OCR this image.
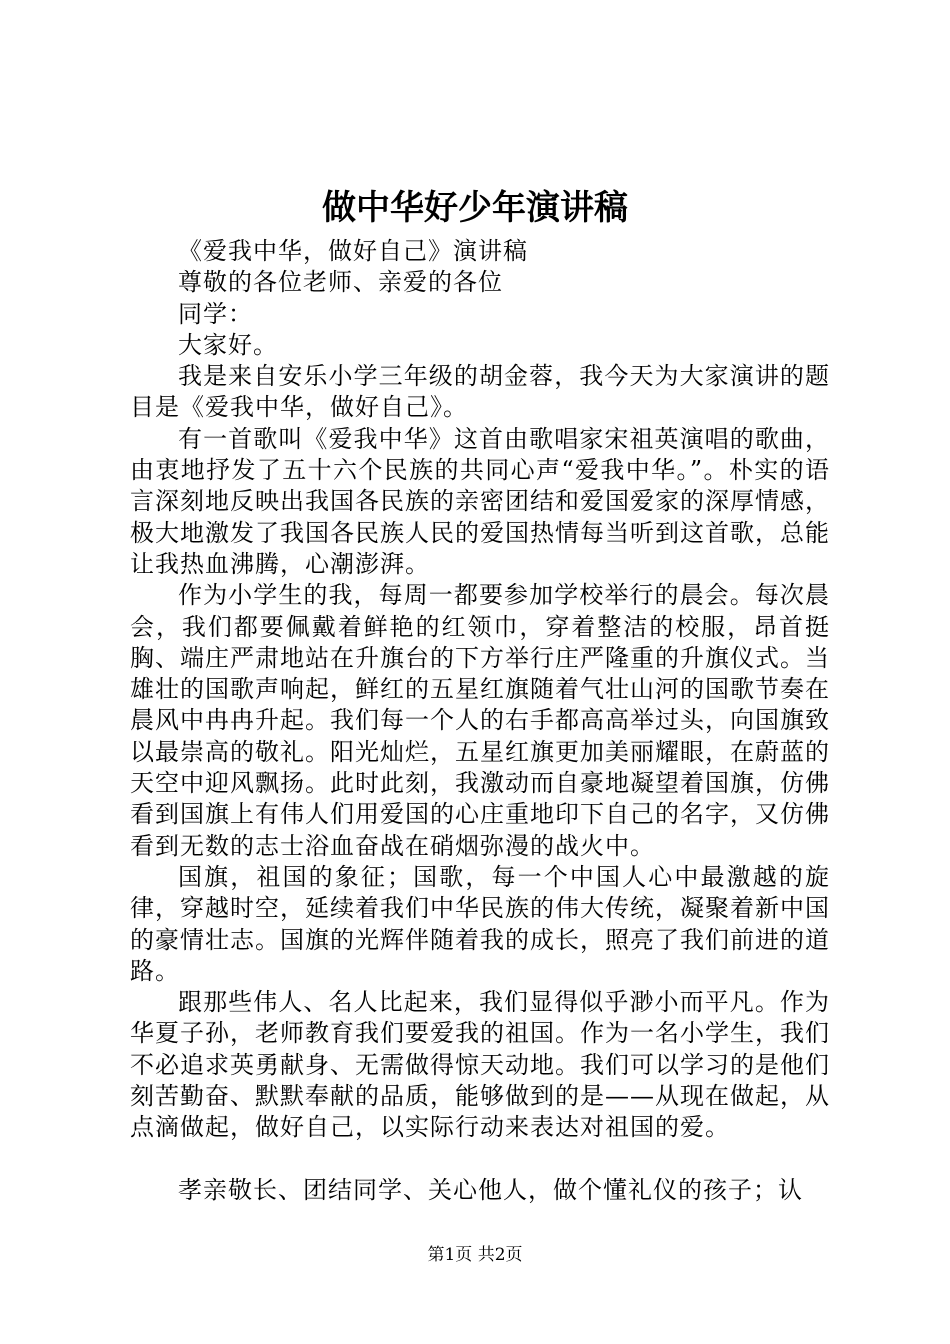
做中华好少年演讲稿

《爱我中华，做好自己》演讲稿

尊敬的各位老师、亲爱的各位

同学：

大家好。

我是来自安乐小学三年级的胡金蓉，我今天为大家演讲的题目是《爱我中华，做好自己》。

有一首歌叫《爱我中华》这首由歌唱家宋祖英演唱的歌曲，由衷地抒发了五十六个民族的共同心声“爱我中华。”。朴实的语言深刻地反映出我国各民族的亲密团结和爱国爱家的深厚情感，极大地激发了我国各民族人民的爱国热情每当听到这首歌，总能让我热血沸腾，心潮澎湃。

作为小学生的我，每周一都要参加学校举行的晨会。每次晨会，我们都要佩戴着鲜艳的红领巾，穿着整洁的校服，昂首挺胸、端庄严肃地站在升旗台的下方举行庄严隆重的升旗仪式。当雄壮的国歌声响起，鲜红的五星红旗随着气壮山河的国歌节奏在晨风中冉冉升起。我们每一个人的右手都高高举过头，向国旗致以最崇高的敬礼。阳光灿烂，五星红旗更加美丽耀眼，在蔚蓝的天空中迎风飘扬。此时此刻，我激动而自豪地凝望着国旗，仿佛看到国旗上有伟人们用爱国的心庄重地印下自己的名字，又仿佛看到无数的志士浴血奋战在硝烟弥漫的战火中。

国旗，祖国的象征；国歌，每一个中国人心中最激越的旋律，穿越时空，延续着我们中华民族的伟大传统，凝聚着新中国的豪情壮志。国旗的光辉伴随着我的成长，照亮了我们前进的道路。

跟那些伟人、名人比起来，我们显得似乎渺小而平凡。作为华夏子孙，老师教育我们要爱我的祖国。作为一名小学生，我们不必追求英勇献身、无需做得惊天动地。我们可以学习的是他们刻苦勤奋、默默奉献的品质，能够做到的是——从现在做起，从点滴做起，做好自己，以实际行动来表达对祖国的爱。

孝亲敬长、团结同学、关心他人，做个懂礼仪的孩子；认

第1页 共2页
